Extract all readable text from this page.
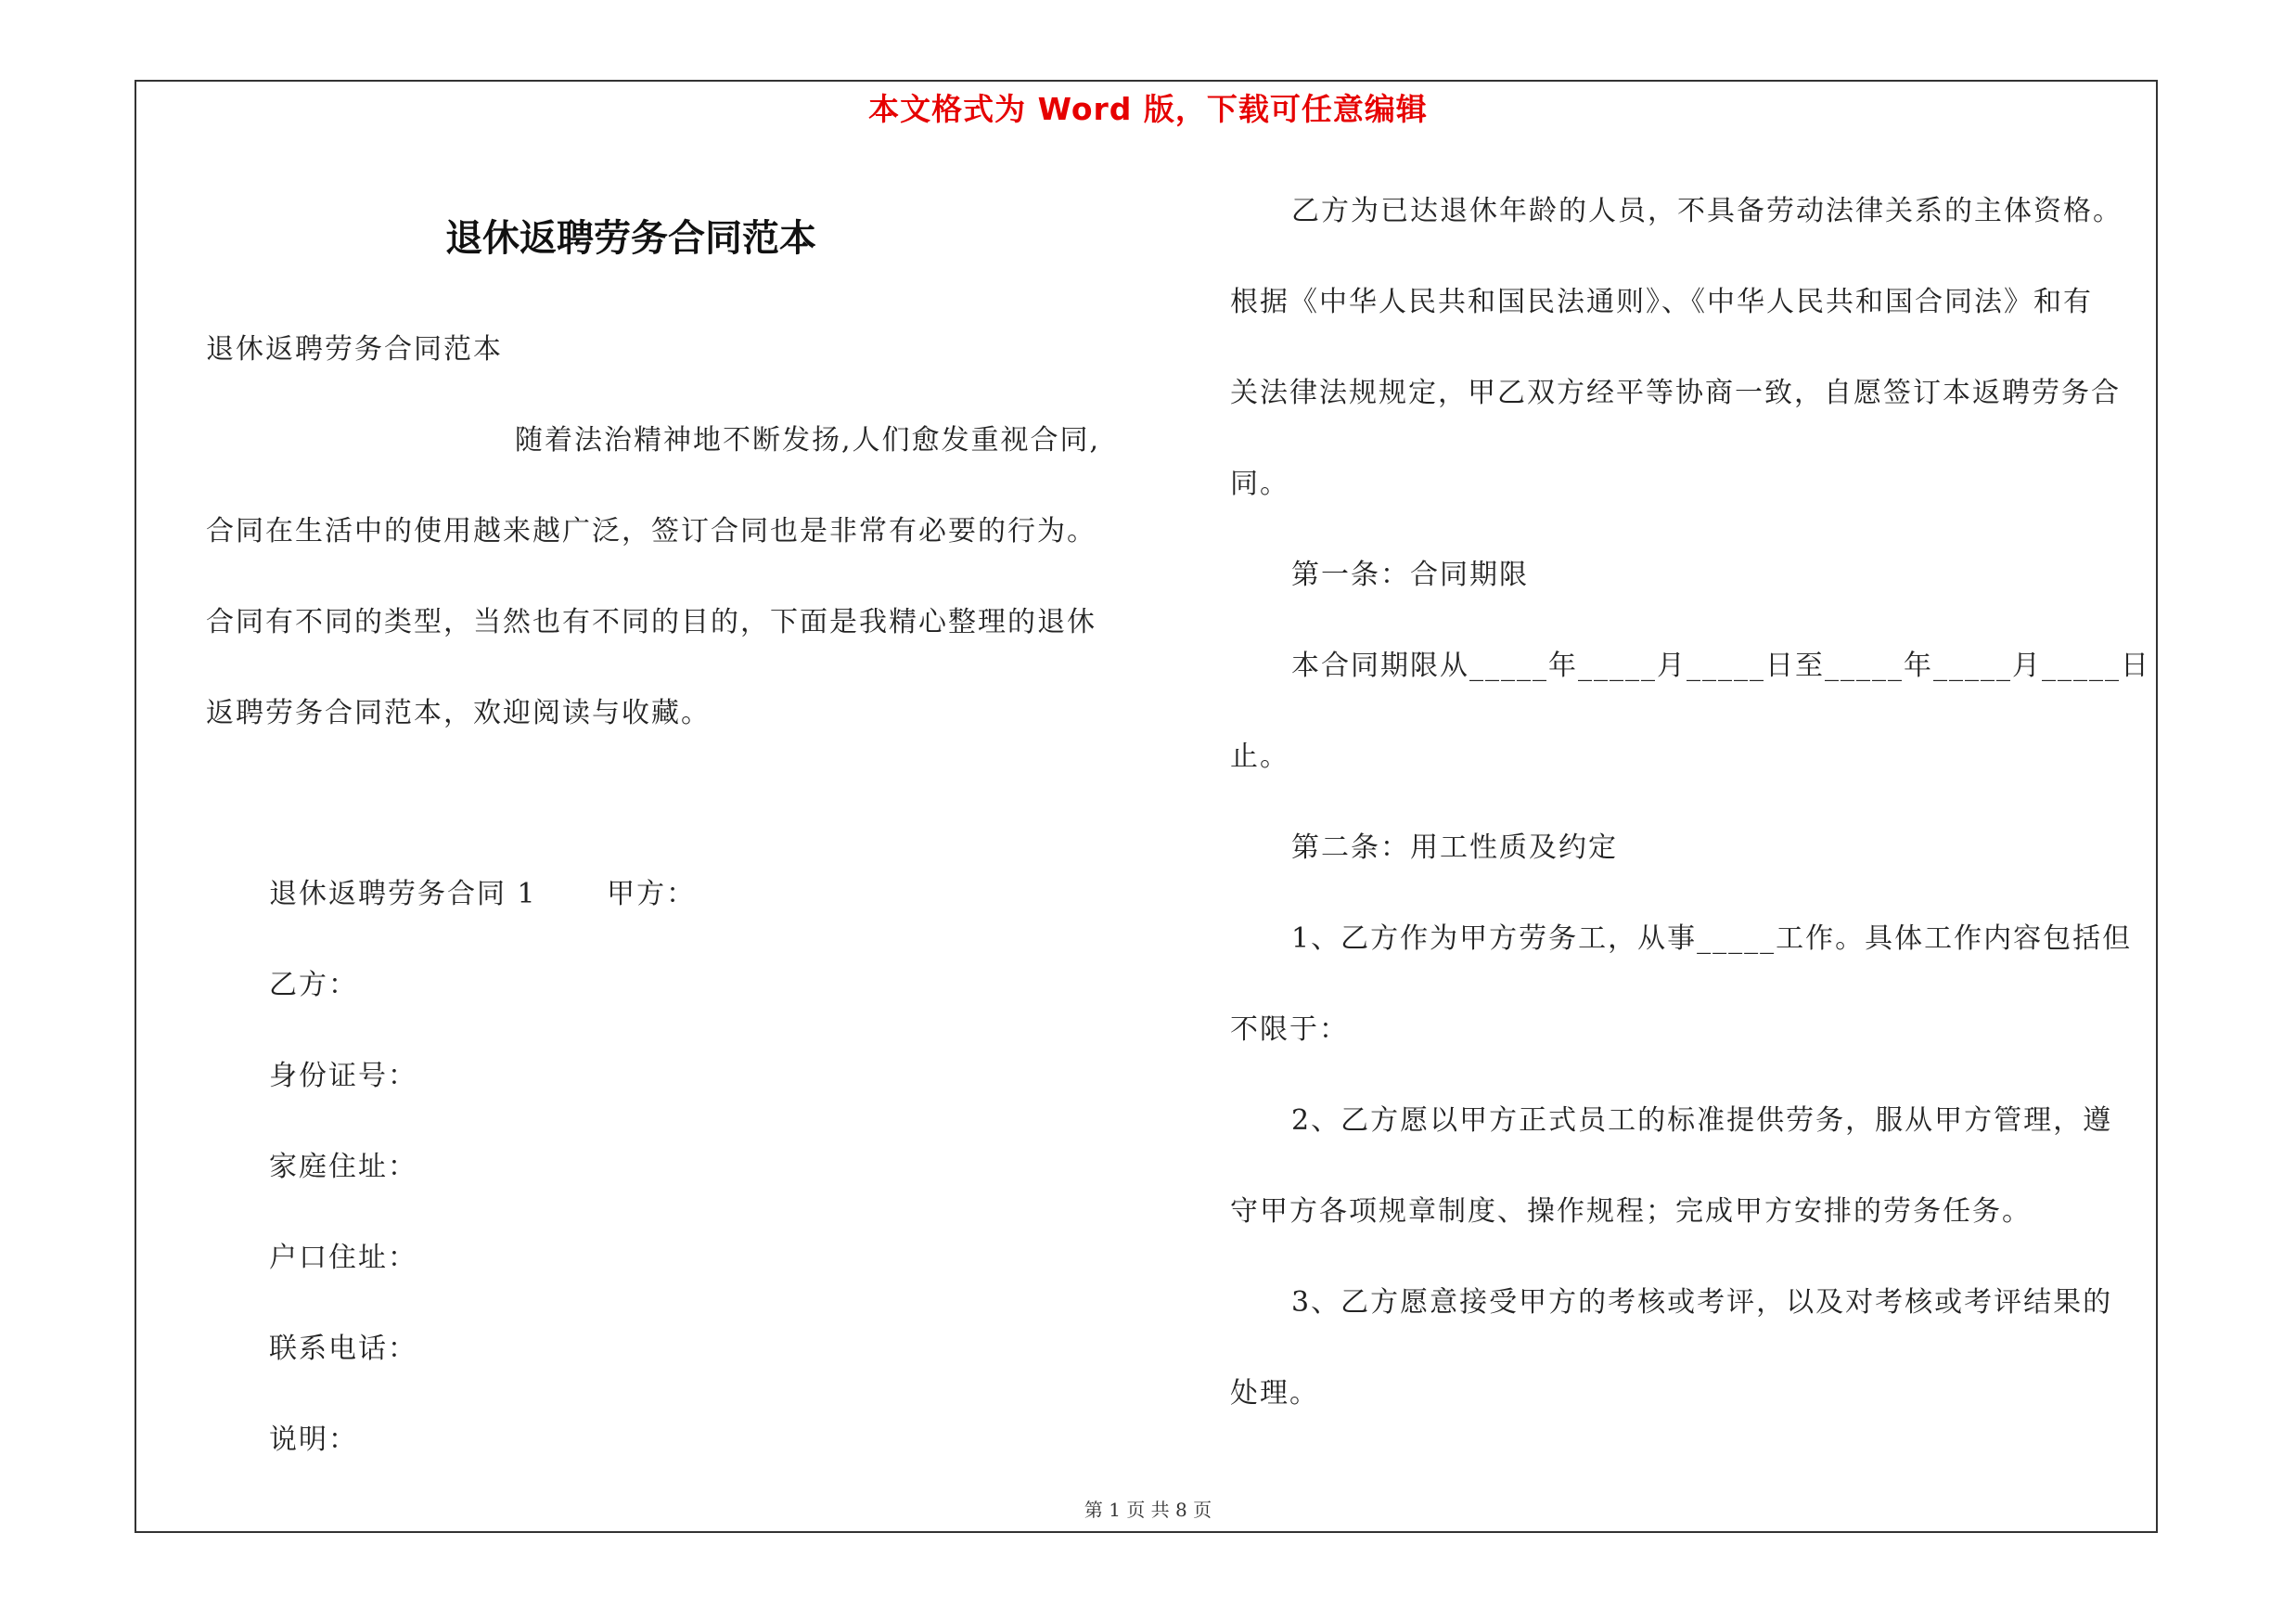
本文格式为 Word 版，下载可任意编辑
退休返聘劳务合同范本
退休返聘劳务合同范本
随着法治精神地不断发扬,人们愈发重视合同,
合同在生活中的使用越来越广泛，签订合同也是非常有必要的行为。
合同有不同的类型，当然也有不同的目的，下面是我精心整理的退休
返聘劳务合同范本，欢迎阅读与收藏。
退休返聘劳务合同 1　　 甲方：
乙方：
身份证号：
家庭住址：
户口住址：
联系电话：
说明：
乙方为已达退休年龄的人员，不具备劳动法律关系的主体资格。
根据《中华人民共和国民法通则》、《中华人民共和国合同法》和有
关法律法规规定，甲乙双方经平等协商一致，自愿签订本返聘劳务合
同。
第一条：合同期限
本合同期限从_____年_____月_____日至_____年_____月_____日
止。
第二条：用工性质及约定
1、乙方作为甲方劳务工，从事_____工作。具体工作内容包括但
不限于：
2、乙方愿以甲方正式员工的标准提供劳务，服从甲方管理，遵
守甲方各项规章制度、操作规程；完成甲方安排的劳务任务。
3、乙方愿意接受甲方的考核或考评，以及对考核或考评结果的
处理。
第 1 页 共 8 页
